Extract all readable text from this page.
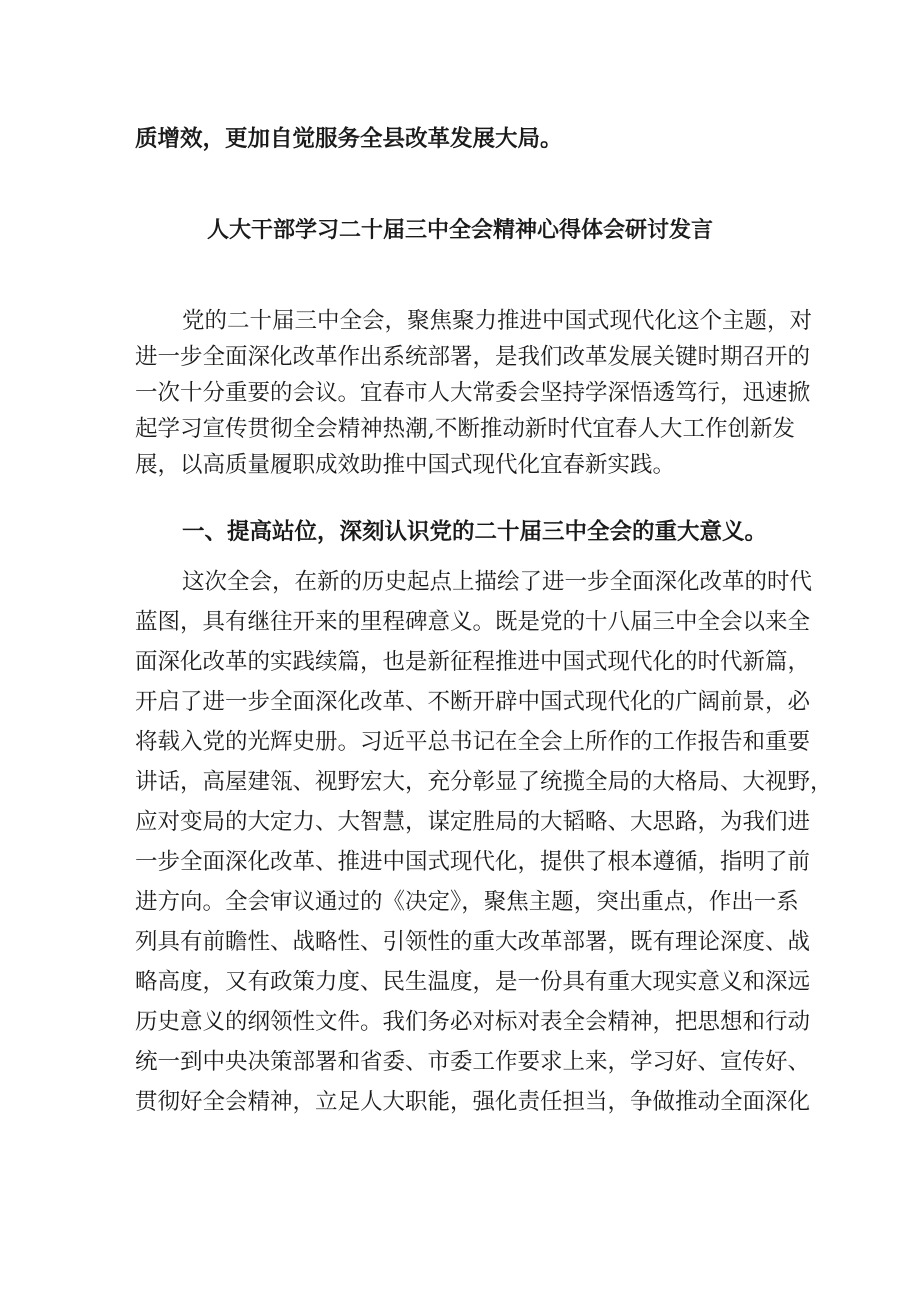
质增效，更加自觉服务全县改革发展大局。
人大干部学习二十届三中全会精神心得体会研讨发言
党的二十届三中全会，聚焦聚力推进中国式现代化这个主题，对
进一步全面深化改革作出系统部署，是我们改革发展关键时期召开的
一次十分重要的会议。宜春市人大常委会坚持学深悟透笃行，迅速掀
起学习宣传贯彻全会精神热潮,不断推动新时代宜春人大工作创新发
展，以高质量履职成效助推中国式现代化宜春新实践。
一、提高站位，深刻认识党的二十届三中全会的重大意义。
这次全会，在新的历史起点上描绘了进一步全面深化改革的时代
蓝图，具有继往开来的里程碑意义。既是党的十八届三中全会以来全
面深化改革的实践续篇，也是新征程推进中国式现代化的时代新篇，
开启了进一步全面深化改革、不断开辟中国式现代化的广阔前景，必
将载入党的光辉史册。习近平总书记在全会上所作的工作报告和重要
讲话，高屋建瓴、视野宏大，充分彰显了统揽全局的大格局、大视野，
应对变局的大定力、大智慧，谋定胜局的大韬略、大思路，为我们进
一步全面深化改革、推进中国式现代化，提供了根本遵循，指明了前
进方向。全会审议通过的《决定》，聚焦主题，突出重点，作出一系
列具有前瞻性、战略性、引领性的重大改革部署，既有理论深度、战
略高度，又有政策力度、民生温度，是一份具有重大现实意义和深远
历史意义的纲领性文件。我们务必对标对表全会精神，把思想和行动
统一到中央决策部署和省委、市委工作要求上来，学习好、宣传好、
贯彻好全会精神，立足人大职能，强化责任担当，争做推动全面深化
